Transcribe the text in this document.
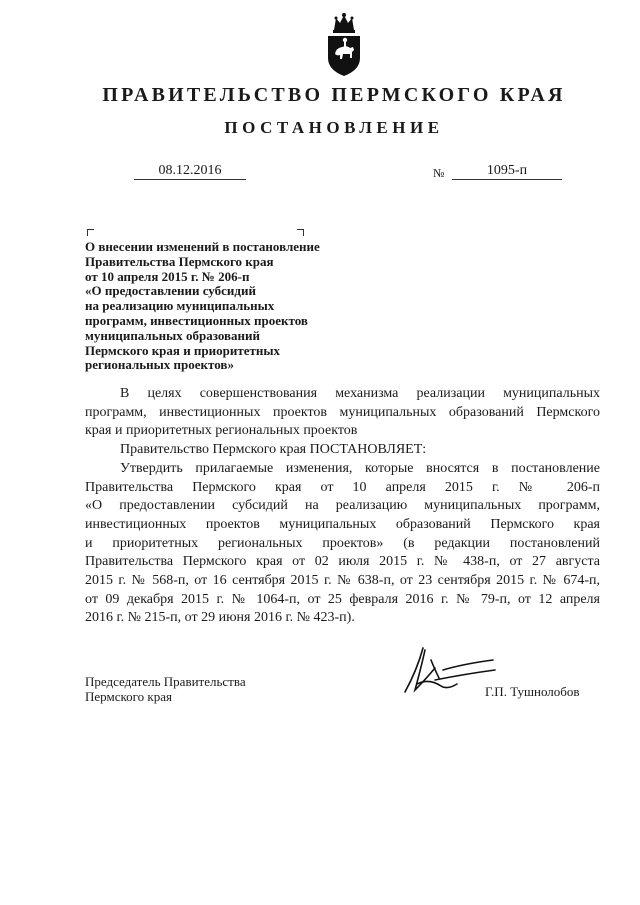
ПРАВИТЕЛЬСТВО ПЕРМСКОГО КРАЯ
ПОСТАНОВЛЕНИЕ
08.12.2016	№	1095-п
О внесении изменений в постановление
Правительства Пермского края
от 10 апреля 2015 г. № 206-п
«О предоставлении субсидий
на реализацию муниципальных
программ, инвестиционных проектов
муниципальных образований
Пермского края и приоритетных
региональных проектов»
В целях совершенствования механизма реализации муниципальных
программ, инвестиционных проектов муниципальных образований Пермского
края и приоритетных региональных проектов
Правительство Пермского края ПОСТАНОВЛЯЕТ:
Утвердить прилагаемые изменения, которые вносятся в постановление
Правительства Пермского края от 10 апреля 2015 г. № 206-п
«О предоставлении субсидий на реализацию муниципальных программ,
инвестиционных проектов муниципальных образований Пермского края
и приоритетных региональных проектов» (в редакции постановлений
Правительства Пермского края от 02 июля 2015 г. № 438-п, от 27 августа
2015 г. № 568-п, от 16 сентября 2015 г. № 638-п, от 23 сентября 2015 г. № 674-п,
от 09 декабря 2015 г. № 1064-п, от 25 февраля 2016 г. № 79-п, от 12 апреля
2016 г. № 215-п, от 29 июня 2016 г. № 423-п).
Председатель Правительства
Пермского края	Г.П. Тушнолобов
